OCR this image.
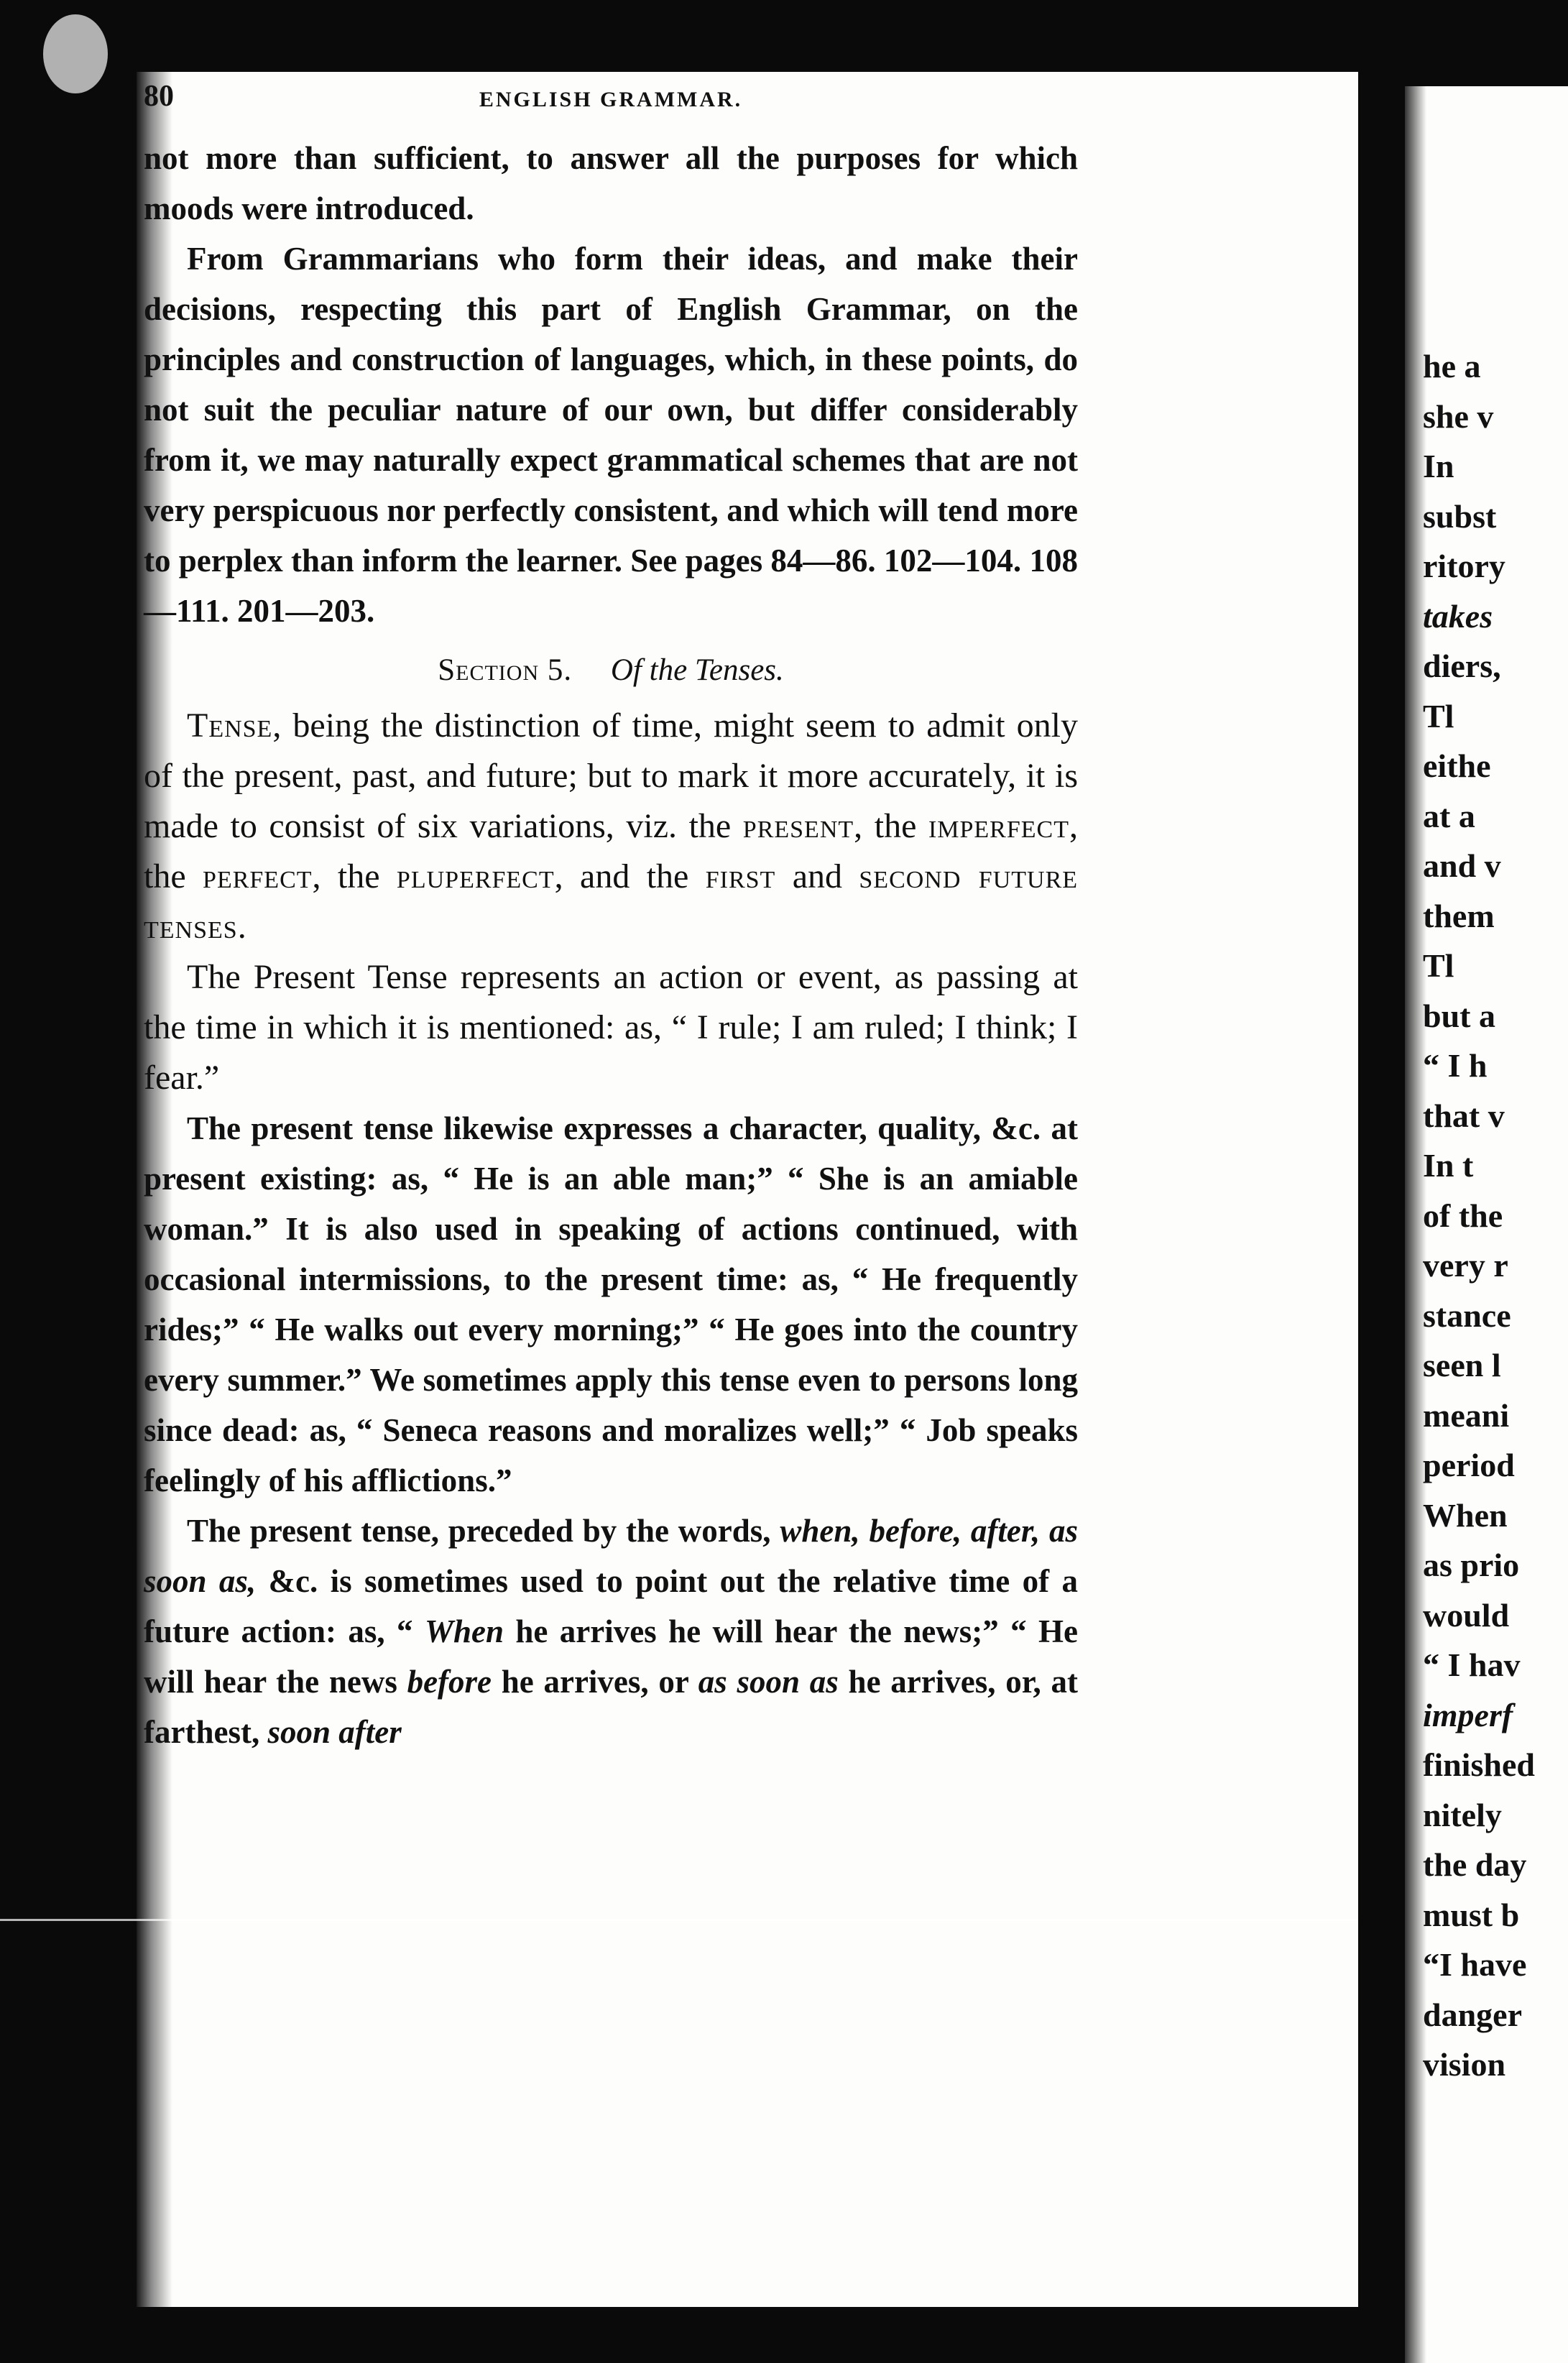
he a
she v
In
subst
ritory
takes
diers,
Tl
eithe
at a
and v
them
Tl
but a
“ I h
that v
In t
of the
very r
stance
seen l
meani
period
When
as prio
would
“ I hav
imperf
finished
nitely
the day
must b
“I have
danger
vision
80	ENGLISH GRAMMAR.

not more than sufficient, to answer all the purposes for which moods were introduced.

From Grammarians who form their ideas, and make their decisions, respecting this part of English Grammar, on the principles and construction of languages, which, in these points, do not suit the peculiar nature of our own, but differ considerably from it, we may naturally expect grammatical schemes that are not very perspicuous nor perfectly consistent, and which will tend more to perplex than inform the learner. See pages 84—86. 102—104. 108—111. 201—203.

Section 5. Of the Tenses.

Tense, being the distinction of time, might seem to admit only of the present, past, and future; but to mark it more accurately, it is made to consist of six variations, viz. the present, the imperfect, the perfect, the pluperfect, and the first and second future tenses.

The Present Tense represents an action or event, as passing at the time in which it is mentioned: as, “ I rule; I am ruled; I think; I fear.”

The present tense likewise expresses a character, quality, &c. at present existing: as, “ He is an able man;” “ She is an amiable woman.” It is also used in speaking of actions continued, with occasional intermissions, to the present time: as, “ He frequently rides;” “ He walks out every morning;” “ He goes into the country every summer.” We sometimes apply this tense even to persons long since dead: as, “ Seneca reasons and moralizes well;” “ Job speaks feelingly of his afflictions.”

The present tense, preceded by the words, when, before, after, as soon as, &c. is sometimes used to point out the relative time of a future action: as, “ When he arrives he will hear the news;” “ He will hear the news before he arrives, or as soon as he arrives, or, at farthest, soon after
